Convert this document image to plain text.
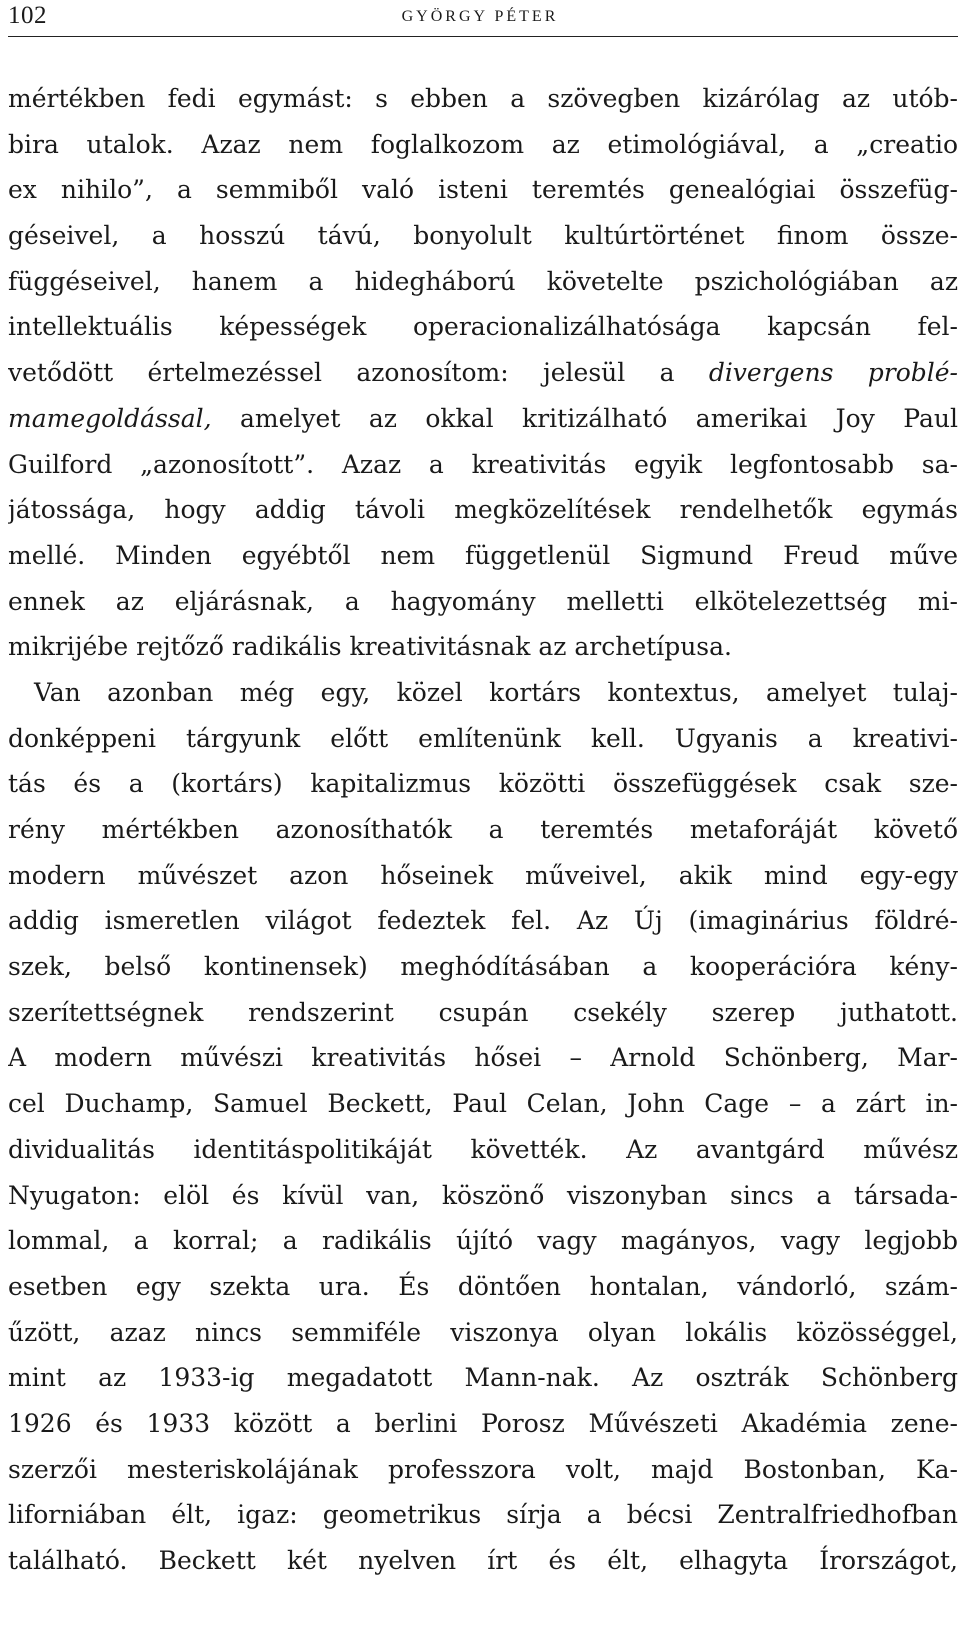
102	GYÖRGY PÉTER
mértékben fedi egymást: s ebben a szövegben kizárólag az utób-
bira utalok. Azaz nem foglalkozom az etimológiával, a „creatio
ex nihilo”, a semmiből való isteni teremtés genealógiai összefüg-
géseivel, a hosszú távú, bonyolult kultúrtörténet finom össze-
függéseivel, hanem a hidegháború követelte pszichológiában az
intellektuális képességek operacionalizálhatósága kapcsán fel-
vetődött értelmezéssel azonosítom: jelesül a divergens problé-
mamegoldással, amelyet az okkal kritizálható amerikai Joy Paul
Guilford „azonosított”. Azaz a kreativitás egyik legfontosabb sa-
játossága, hogy addig távoli megközelítések rendelhetők egymás
mellé. Minden egyébtől nem függetlenül Sigmund Freud műve
ennek az eljárásnak, a hagyomány melletti elkötelezettség mi-
mikrijébe rejtőző radikális kreativitásnak az archetípusa.
Van azonban még egy, közel kortárs kontextus, amelyet tulaj-
donképpeni tárgyunk előtt említenünk kell. Ugyanis a kreativi-
tás és a (kortárs) kapitalizmus közötti összefüggések csak sze-
rény mértékben azonosíthatók a teremtés metaforáját követő
modern művészet azon hőseinek műveivel, akik mind egy-egy
addig ismeretlen világot fedeztek fel. Az Új (imaginárius földré-
szek, belső kontinensek) meghódításában a kooperációra kény-
szerítettségnek rendszerint csupán csekély szerep juthatott.
A modern művészi kreativitás hősei – Arnold Schönberg, Mar-
cel Duchamp, Samuel Beckett, Paul Celan, John Cage – a zárt in-
dividualitás identitáspolitikáját követték. Az avantgárd művész
Nyugaton: elöl és kívül van, köszönő viszonyban sincs a társada-
lommal, a korral; a radikális újító vagy magányos, vagy legjobb
esetben egy szekta ura. És döntően hontalan, vándorló, szám-
űzött, azaz nincs semmiféle viszonya olyan lokális közösséggel,
mint az 1933-ig megadatott Mann-nak. Az osztrák Schönberg
1926 és 1933 között a berlini Porosz Művészeti Akadémia zene-
szerzői mesteriskolájának professzora volt, majd Bostonban, Ka-
liforniában élt, igaz: geometrikus sírja a bécsi Zentralfriedhofban
található. Beckett két nyelven írt és élt, elhagyta Írországot,
